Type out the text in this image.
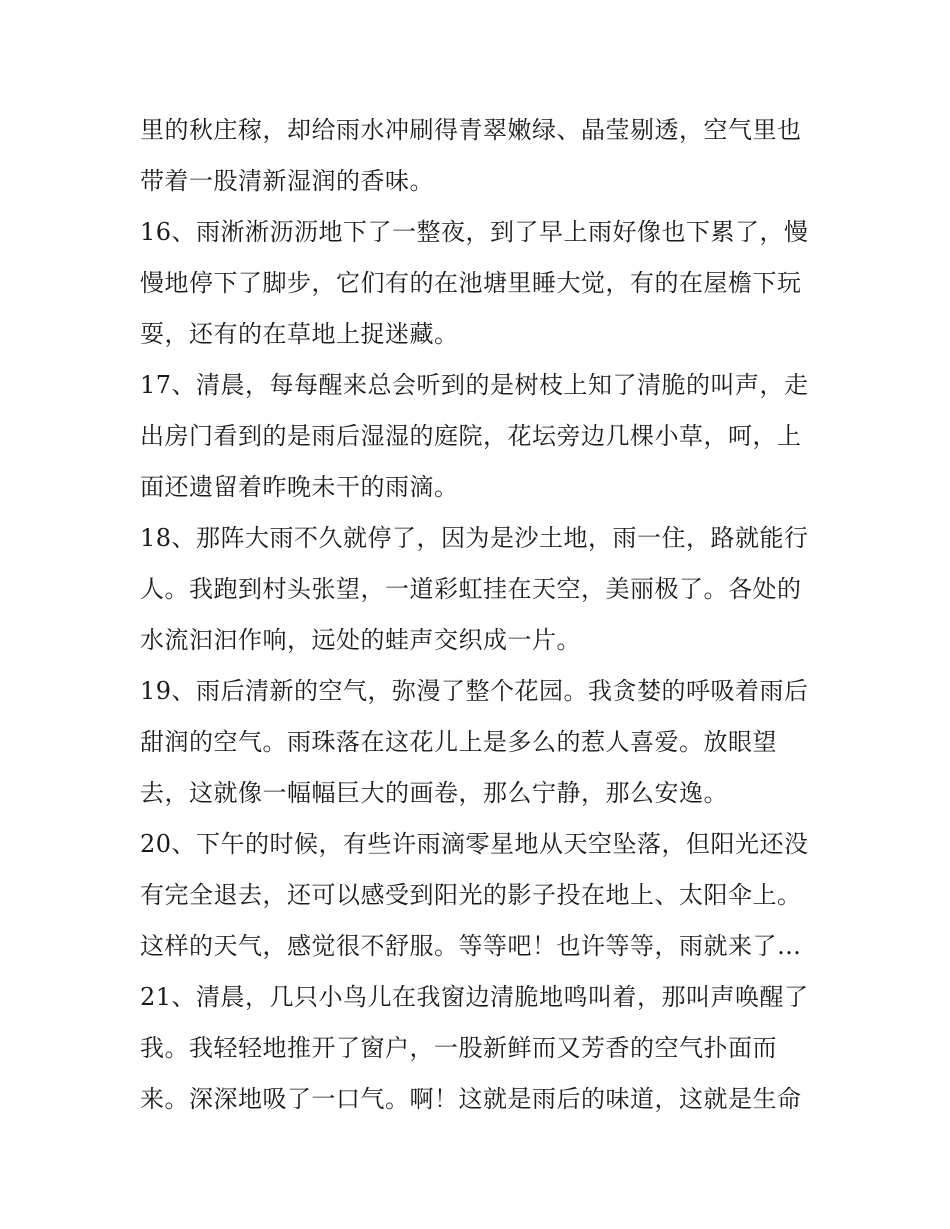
里的秋庄稼，却给雨水冲刷得青翠嫩绿、晶莹剔透，空气里也
带着一股清新湿润的香味。
16、雨淅淅沥沥地下了一整夜，到了早上雨好像也下累了，慢
慢地停下了脚步，它们有的在池塘里睡大觉，有的在屋檐下玩
耍，还有的在草地上捉迷藏。
17、清晨，每每醒来总会听到的是树枝上知了清脆的叫声，走
出房门看到的是雨后湿湿的庭院，花坛旁边几棵小草，呵，上
面还遗留着昨晚未干的雨滴。
18、那阵大雨不久就停了，因为是沙土地，雨一住，路就能行
人。我跑到村头张望，一道彩虹挂在天空，美丽极了。各处的
水流汩汩作响，远处的蛙声交织成一片。
19、雨后清新的空气，弥漫了整个花园。我贪婪的呼吸着雨后
甜润的空气。雨珠落在这花儿上是多么的惹人喜爱。放眼望
去，这就像一幅幅巨大的画卷，那么宁静，那么安逸。
20、下午的时候，有些许雨滴零星地从天空坠落，但阳光还没
有完全退去，还可以感受到阳光的影子投在地上、太阳伞上。
这样的天气，感觉很不舒服。等等吧！也许等等，雨就来了…
21、清晨，几只小鸟儿在我窗边清脆地鸣叫着，那叫声唤醒了
我。我轻轻地推开了窗户，一股新鲜而又芳香的空气扑面而
来。深深地吸了一口气。啊！这就是雨后的味道，这就是生命
